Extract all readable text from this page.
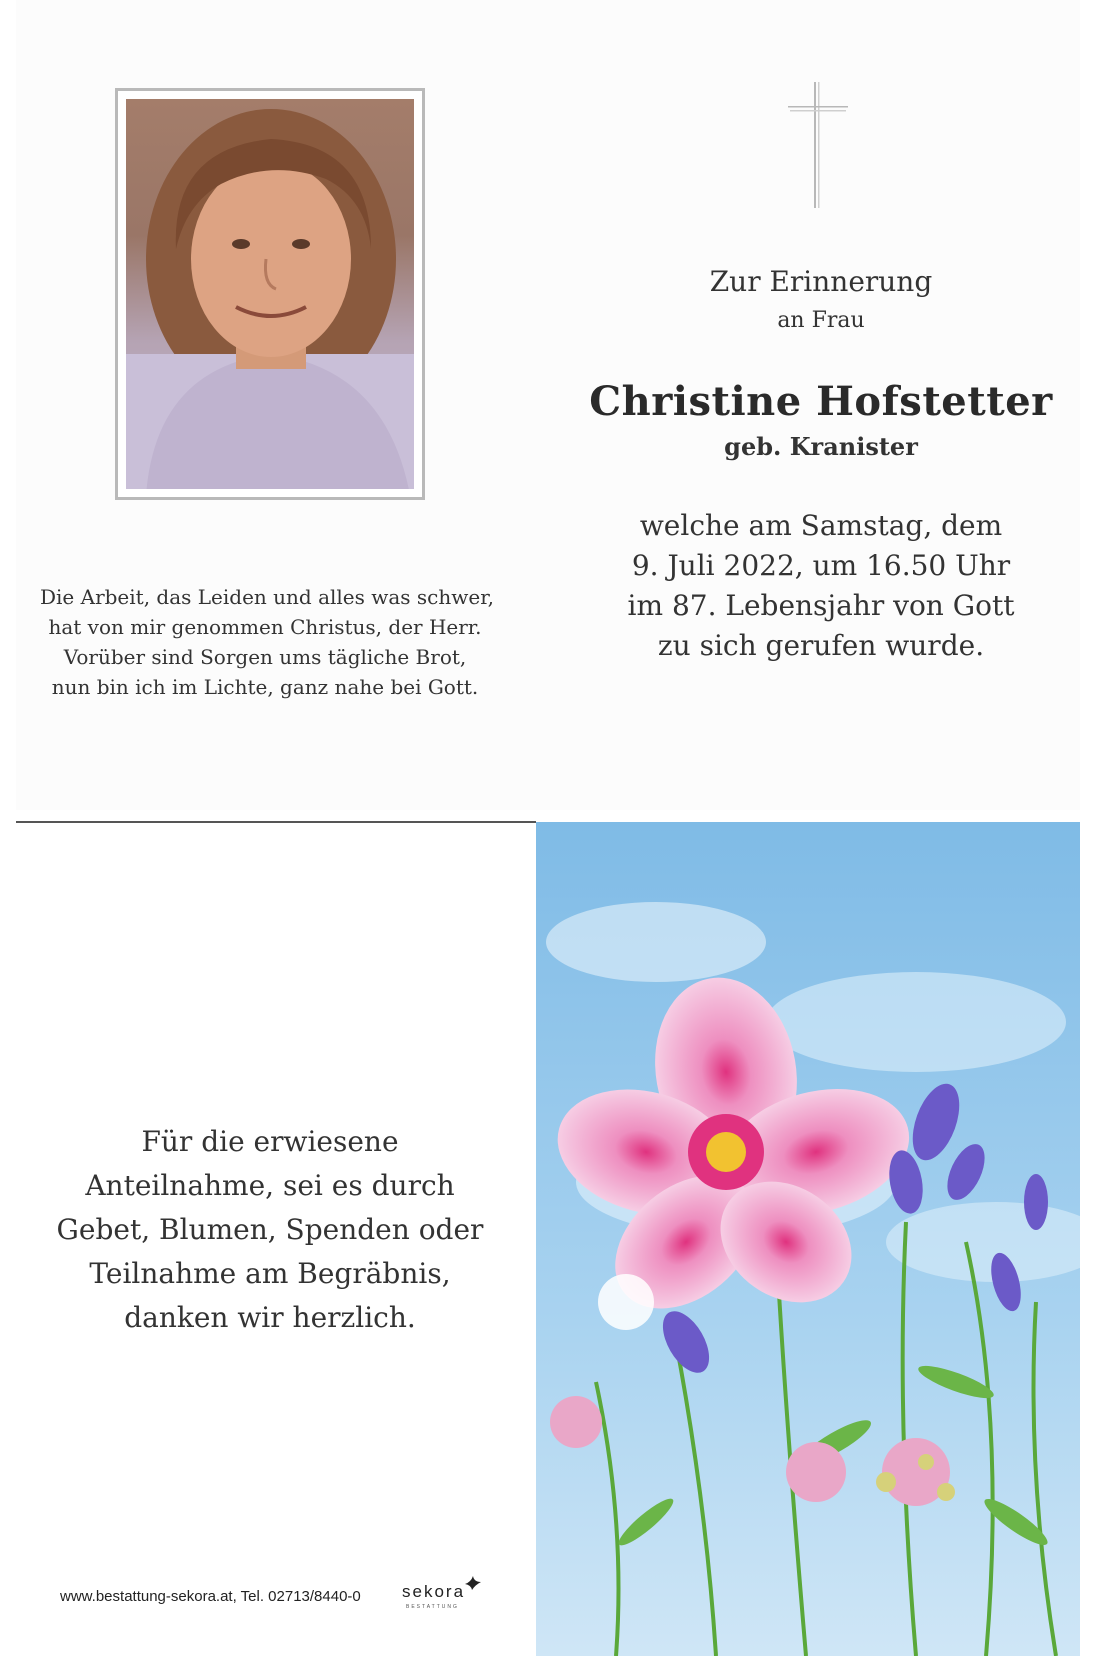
Die Arbeit, das Leiden und alles was schwer,
hat von mir genommen Christus, der Herr.
Vorüber sind Sorgen ums tägliche Brot,
nun bin ich im Lichte, ganz nahe bei Gott.
Zur Erinnerung
an Frau
Christine Hofstetter
geb. Kranister
welche am Samstag, dem
9. Juli 2022, um 16.50 Uhr
im 87. Lebensjahr von Gott
zu sich gerufen wurde.
Für die erwiesene
Anteilnahme, sei es durch
Gebet, Blumen, Spenden oder
Teilnahme am Begräbnis,
danken wir herzlich.
www.bestattung-sekora.at, Tel. 02713/8440-0 sekora
BESTATTUNG
